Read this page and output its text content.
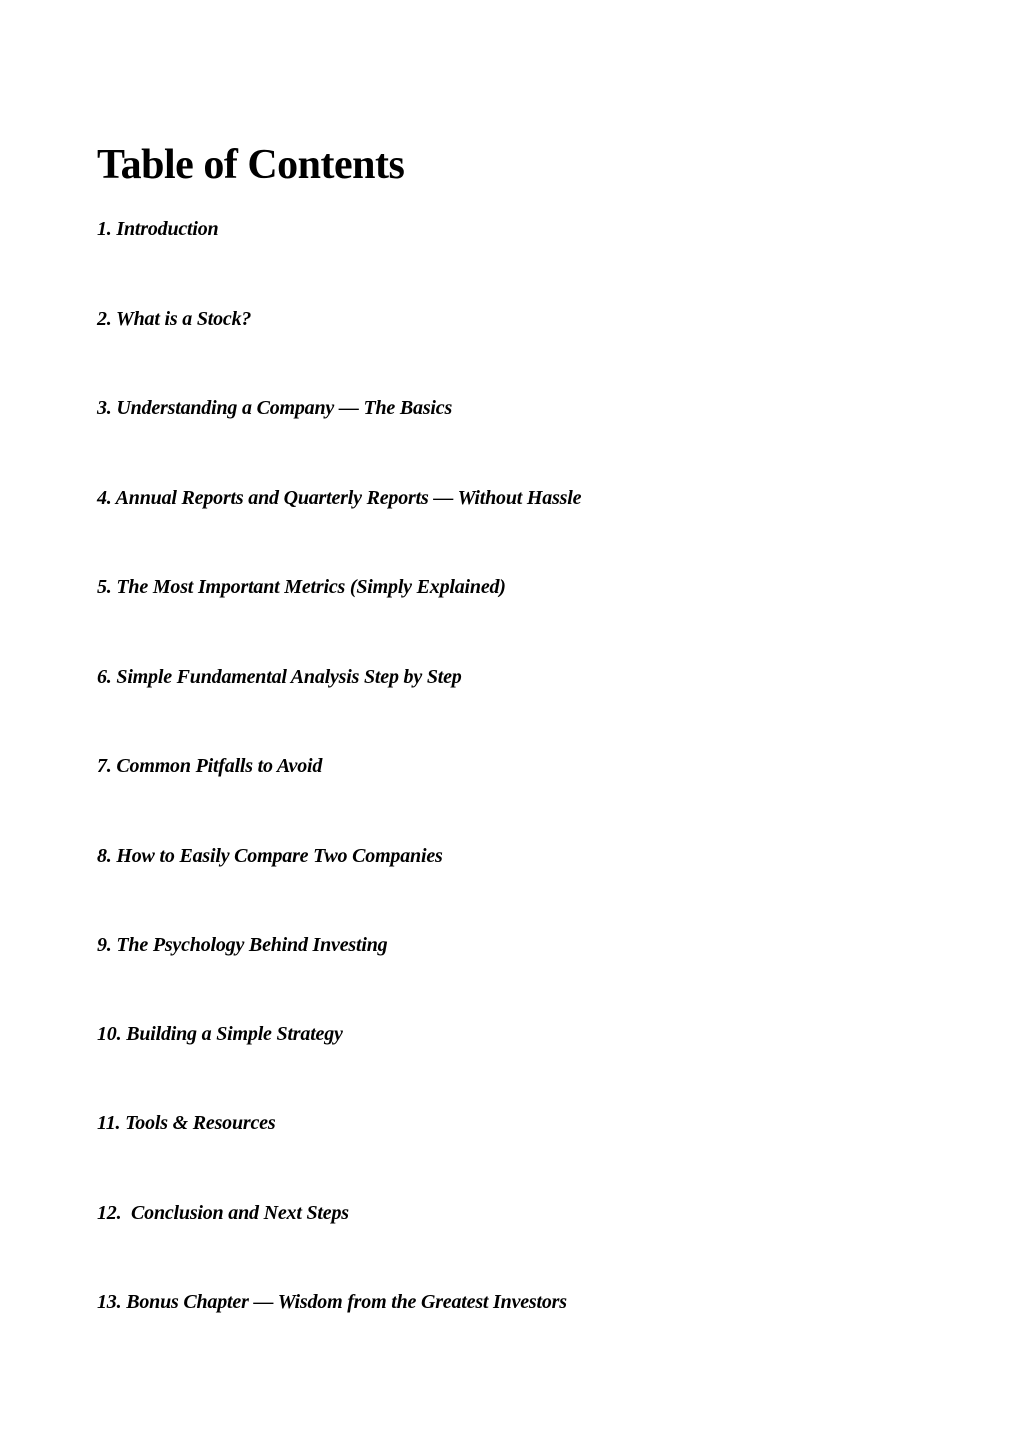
Table of Contents
1. Introduction
2. What is a Stock?
3. Understanding a Company — The Basics
4. Annual Reports and Quarterly Reports — Without Hassle
5. The Most Important Metrics (Simply Explained)
6. Simple Fundamental Analysis Step by Step
7. Common Pitfalls to Avoid
8. How to Easily Compare Two Companies
9. The Psychology Behind Investing
10. Building a Simple Strategy
11. Tools & Resources
12.  Conclusion and Next Steps
13. Bonus Chapter — Wisdom from the Greatest Investors
